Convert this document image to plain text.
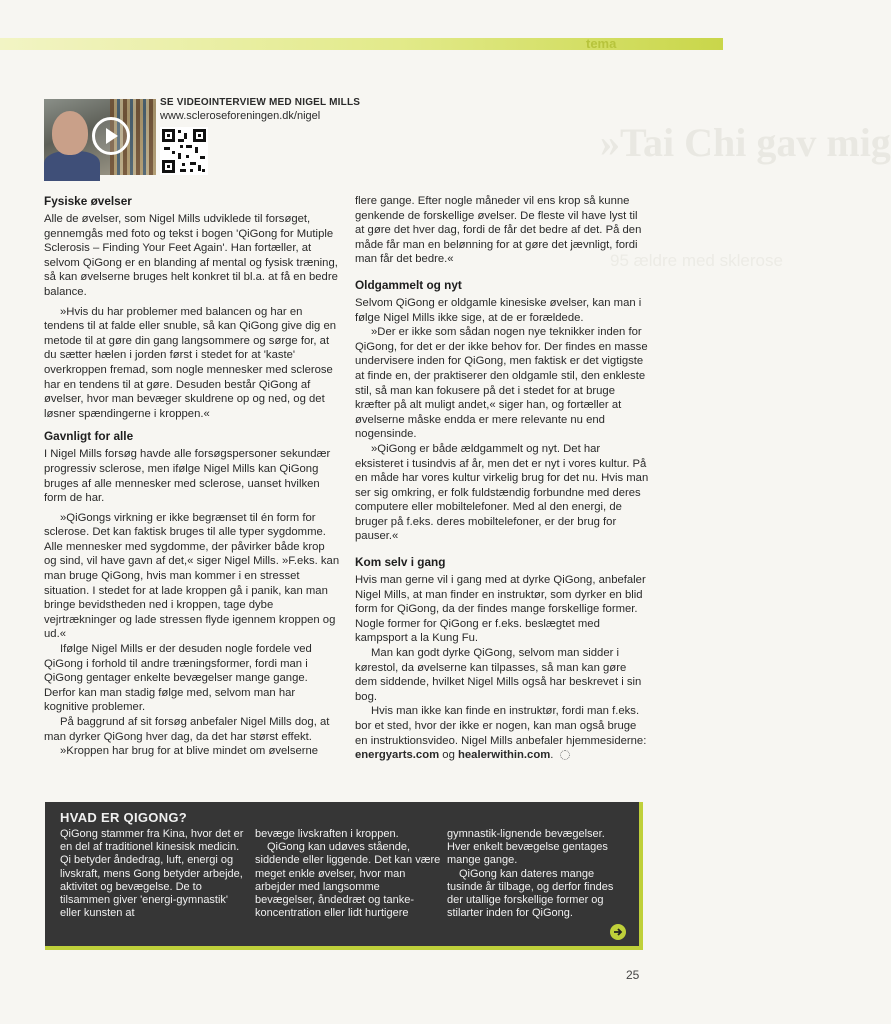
tema
»Tai Chi gav mig
95 ældre med sklerose
SE VIDEOINTERVIEW MED NIGEL MILLS
www.scleroseforeningen.dk/nigel
Fysiske øvelser

Alle de øvelser, som Nigel Mills udviklede til forsøget, gennemgås med foto og tekst i bogen 'QiGong for Mutiple Sclerosis – Finding Your Feet Again'. Han fortæller, at selvom QiGong er en blanding af mental og fysisk træning, så kan øvelserne bruges helt konkret til bl.a. at få en bedre balance.

»Hvis du har problemer med balancen og har en tendens til at falde eller snuble, så kan QiGong give dig en metode til at gøre din gang langsommere og sørge for, at du sætter hælen i jorden først i stedet for at 'kaste' overkroppen fremad, som nogle mennesker med sclerose har en tendens til at gøre. Desuden består QiGong af øvelser, hvor man bevæger skuldrene op og ned, og det løsner spændingerne i kroppen.«

Gavnligt for alle

I Nigel Mills forsøg havde alle forsøgspersoner sekundær progressiv sclerose, men ifølge Nigel Mills kan QiGong bruges af alle mennesker med sclerose, uanset hvilken form de har.

»QiGongs virkning er ikke begrænset til én form for sclerose. Det kan faktisk bruges til alle typer sygdomme. Alle mennesker med sygdomme, der påvirker både krop og sind, vil have gavn af det,« siger Nigel Mills. »F.eks. kan man bruge QiGong, hvis man kommer i en stresset situation. I stedet for at lade kroppen gå i panik, kan man bringe bevidstheden ned i kroppen, tage dybe vejrtrækninger og lade stressen flyde igennem kroppen og ud.«

Ifølge Nigel Mills er der desuden nogle fordele ved QiGong i forhold til andre træningsformer, fordi man i QiGong gentager enkelte bevægelser mange gange. Derfor kan man stadig følge med, selvom man har kognitive problemer.

På baggrund af sit forsøg anbefaler Nigel Mills dog, at man dyrker QiGong hver dag, da det har størst effekt.

»Kroppen har brug for at blive mindet om øvelserne

flere gange. Efter nogle måneder vil ens krop så kunne genkende de forskellige øvelser. De fleste vil have lyst til at gøre det hver dag, fordi de får det bedre af det. På den måde får man en belønning for at gøre det jævnligt, fordi man får det bedre.«

Oldgammelt og nyt

Selvom QiGong er oldgamle kinesiske øvelser, kan man i følge Nigel Mills ikke sige, at de er forældede.

»Der er ikke som sådan nogen nye teknikker inden for QiGong, for det er der ikke behov for. Der findes en masse undervisere inden for QiGong, men faktisk er det vigtigste at finde en, der praktiserer den oldgamle stil, den enkleste stil, så man kan fokusere på det i stedet for at bruge kræfter på alt muligt andet,« siger han, og fortæller at øvelserne måske endda er mere relevante nu end nogensinde.

»QiGong er både ældgammelt og nyt. Det har eksisteret i tusindvis af år, men det er nyt i vores kultur. På en måde har vores kultur virkelig brug for det nu. Hvis man ser sig omkring, er folk fuldstændig forbundne med deres computere eller mobiltelefoner. Med al den energi, de bruger på f.eks. deres mobiltelefoner, er der brug for pauser.«

Kom selv i gang

Hvis man gerne vil i gang med at dyrke QiGong, anbefaler Nigel Mills, at man finder en instruktør, som dyrker en blid form for QiGong, da der findes mange forskellige former. Nogle former for QiGong er f.eks. beslægtet med kampsport a la Kung Fu.

Man kan godt dyrke QiGong, selvom man sidder i kørestol, da øvelserne kan tilpasses, så man kan gøre dem siddende, hvilket Nigel Mills også har beskrevet i sin bog.

Hvis man ikke kan finde en instruktør, fordi man f.eks. bor et sted, hvor der ikke er nogen, kan man også bruge en instruktionsvideo. Nigel Mills anbefaler hjemmesiderne: energyarts.com og healerwithin.com.

HVAD ER QIGONG?

QiGong stammer fra Kina, hvor det er en del af traditionel kinesisk medicin. Qi betyder åndedrag, luft, energi og livskraft, mens Gong betyder arbejde, aktivitet og bevægelse. De to tilsammen giver 'energi-gymnastik' eller kunsten at

bevæge livskraften i kroppen.

QiGong kan udøves stående, siddende eller liggende. Det kan være meget enkle øvelser, hvor man arbejder med langsomme bevægelser, åndedræt og tanke-koncentration eller lidt hurtigere

gymnastik-lignende bevægelser. Hver enkelt bevægelse gentages mange gange.

QiGong kan dateres mange tusinde år tilbage, og derfor findes der utallige forskellige former og stilarter inden for QiGong.

25
